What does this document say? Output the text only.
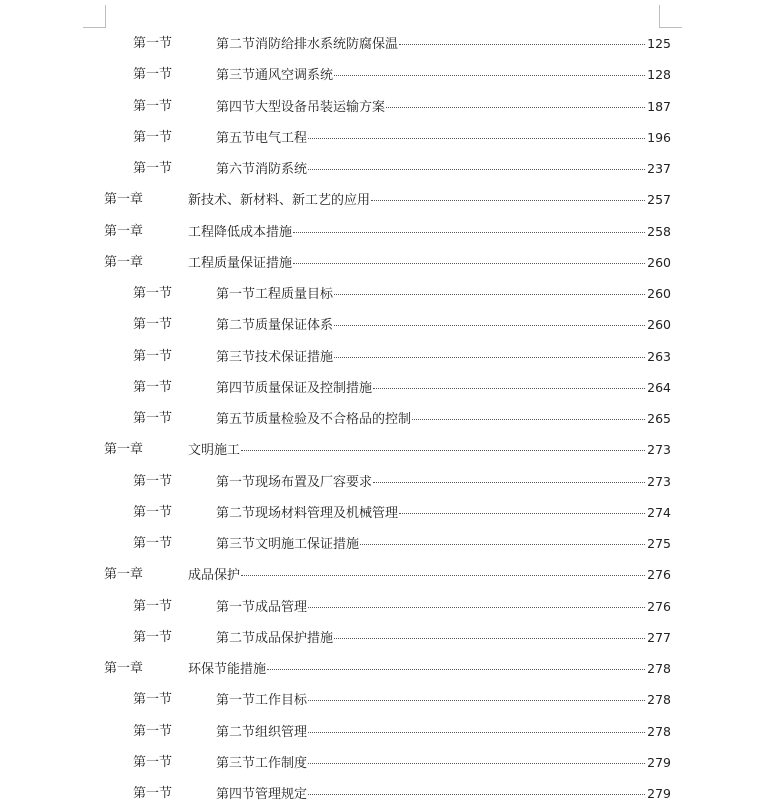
第一节	第二节消防给排水系统防腐保温	125
第一节	第三节通风空调系统	128
第一节	第四节大型设备吊装运输方案	187
第一节	第五节电气工程	196
第一节	第六节消防系统	237
第一章	新技术、新材料、新工艺的应用	257
第一章	工程降低成本措施	258
第一章	工程质量保证措施	260
第一节	第一节工程质量目标	260
第一节	第二节质量保证体系	260
第一节	第三节技术保证措施	263
第一节	第四节质量保证及控制措施	264
第一节	第五节质量检验及不合格品的控制	265
第一章	文明施工	273
第一节	第一节现场布置及厂容要求	273
第一节	第二节现场材料管理及机械管理	274
第一节	第三节文明施工保证措施	275
第一章	成品保护	276
第一节	第一节成品管理	276
第一节	第二节成品保护措施	277
第一章	环保节能措施	278
第一节	第一节工作目标	278
第一节	第二节组织管理	278
第一节	第三节工作制度	279
第一节	第四节管理规定	279
